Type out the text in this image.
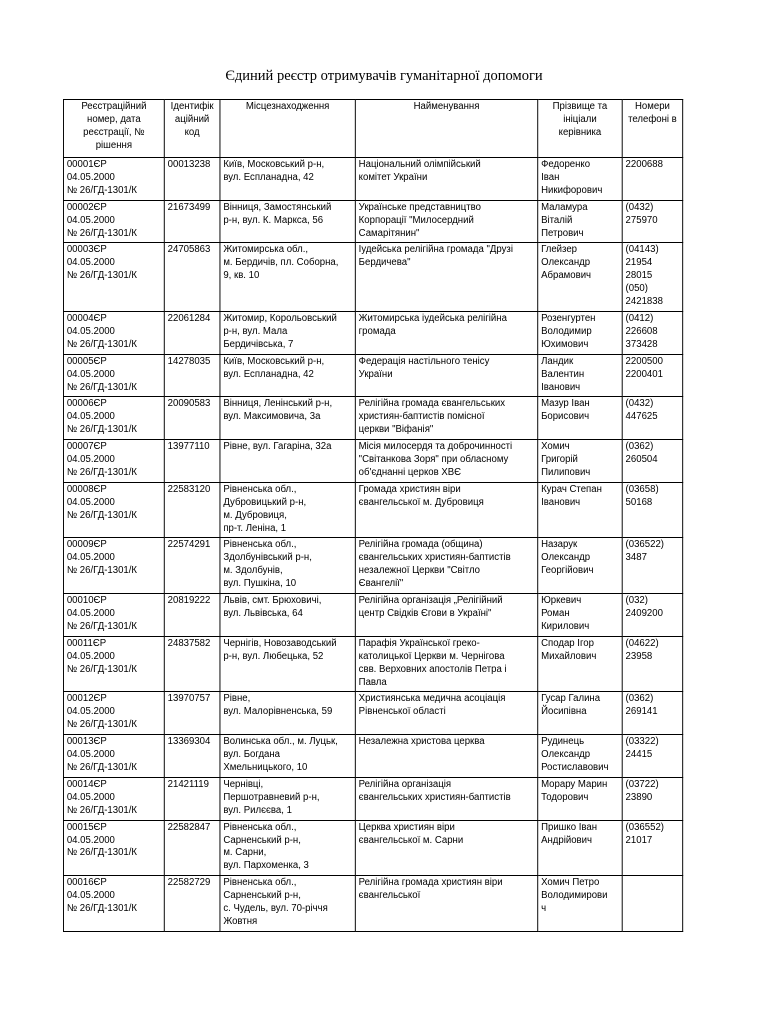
Єдиний реєстр отримувачів гуманітарної допомоги
Реєстраційний номер, дата реєстрації, № рішення	Ідентифік аційний код	Місцезнаходження	Найменування	Прізвище та ініціали керівника	Номери телефоні в
00001ЄР
04.05.2000
№ 26/ГД-1301/К	00013238	Київ, Московський р-н,
вул. Еспланадна, 42	Національний олімпійський
комітет України	Федоренко
Іван
Никифорович	2200688
00002ЄР
04.05.2000
№ 26/ГД-1301/К	21673499	Вінниця, Замостянський
р-н, вул. К. Маркса, 56	Українське представництво
Корпорації "Милосердний
Самарітянин"	Маламура
Віталій
Петрович	(0432)
275970
00003ЄР
04.05.2000
№ 26/ГД-1301/К	24705863	Житомирська обл.,
м. Бердичів, пл. Соборна,
9, кв. 10	Іудейська релігійна громада "Друзі
Бердичева"	Глейзер
Олександр
Абрамович	(04143)
21954
28015
(050)
2421838
00004ЄР
04.05.2000
№ 26/ГД-1301/К	22061284	Житомир, Корольовський
р-н, вул. Мала
Бердичівська, 7	Житомирська іудейська релігійна
громада	Розенгуртен
Володимир
Юхимович	(0412)
226608
373428
00005ЄР
04.05.2000
№ 26/ГД-1301/К	14278035	Київ, Московський р-н,
вул. Еспланадна, 42	Федерація настільного тенісу
України	Ландик
Валентин
Іванович	2200500
2200401
00006ЄР
04.05.2000
№ 26/ГД-1301/К	20090583	Вінниця, Ленінський р-н,
вул. Максимовича, 3а	Релігійна громада євангельських
християн-баптистів помісної
церкви "Віфанія"	Мазур Іван
Борисович	(0432)
447625
00007ЄР
04.05.2000
№ 26/ГД-1301/К	13977110	Рівне, вул. Гагаріна, 32а	Місія милосердя та доброчинності
"Світанкова Зоря" при обласному
об'єднанні церков ХВЄ	Хомич
Григорій
Пилипович	(0362)
260504
00008ЄР
04.05.2000
№ 26/ГД-1301/К	22583120	Рівненська обл.,
Дубровицький р-н,
м. Дубровиця,
пр-т. Леніна, 1	Громада християн віри
євангельської м. Дубровиця	Курач Степан
Іванович	(03658)
50168
00009ЄР
04.05.2000
№ 26/ГД-1301/К	22574291	Рівненська обл.,
Здолбунівський р-н,
м. Здолбунів,
вул. Пушкіна, 10	Релігійна громада (община)
євангельських християн-баптистів
незалежної Церкви "Світло
Євангелії"	Назарук
Олександр
Георгійович	(036522)
3487
00010ЄР
04.05.2000
№ 26/ГД-1301/К	20819222	Львів, смт. Брюховичі,
вул. Львівська, 64	Релігійна організація „Релігійний
центр Свідків Єгови в Україні"	Юркевич
Роман
Кирилович	(032)
2409200
00011ЄР
04.05.2000
№ 26/ГД-1301/К	24837582	Чернігів, Новозаводський
р-н, вул. Любецька, 52	Парафія Української греко-
католицької Церкви м. Чернігова
свв. Верховних апостолів Петра і
Павла	Сподар Ігор
Михайлович	(04622)
23958
00012ЄР
04.05.2000
№ 26/ГД-1301/К	13970757	Рівне,
вул. Малорівненська, 59	Християнська медична асоціація
Рівненської області	Гусар Галина
Йосипівна	(0362)
269141
00013ЄР
04.05.2000
№ 26/ГД-1301/К	13369304	Волинська обл., м. Луцьк,
вул. Богдана
Хмельницького, 10	Незалежна христова церква	Рудинець
Олександр
Ростиславович	(03322)
24415
00014ЄР
04.05.2000
№ 26/ГД-1301/К	21421119	Чернівці,
Першотравневий р-н,
вул. Рилєєва, 1	Релігійна організація
євангельських християн-баптистів	Морару Марин
Тодорович	(03722)
23890
00015ЄР
04.05.2000
№ 26/ГД-1301/К	22582847	Рівненська обл.,
Сарненський р-н,
м. Сарни,
вул. Пархоменка, 3	Церква християн віри
євангельської м. Сарни	Пришко Іван
Андрійович	(036552)
21017
00016ЄР
04.05.2000
№ 26/ГД-1301/К	22582729	Рівненська обл.,
Сарненський р-н,
с. Чудель, вул. 70-річчя
Жовтня	Релігійна громада християн віри
євангельської	Хомич Петро
Володимирови
ч	
